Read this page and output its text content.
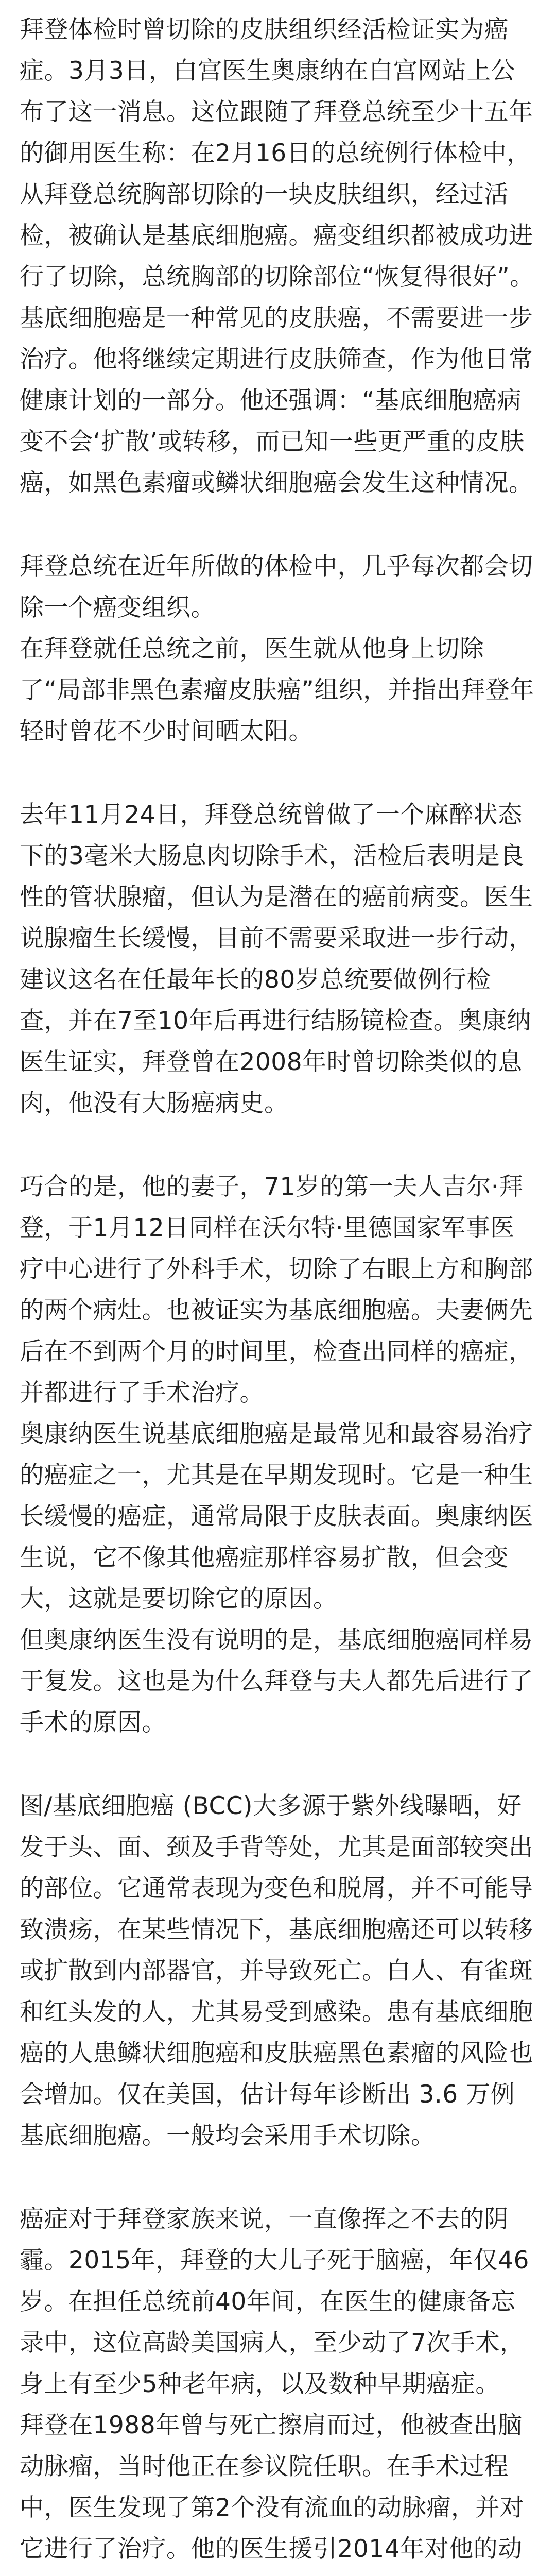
拜登体检时曾切除的皮肤组织经活检证实为癌症。3月3日，白宫医生奥康纳在白宫网站上公布了这一消息。这位跟随了拜登总统至少十五年的御用医生称：在2月16日的总统例行体检中，从拜登总统胸部切除的一块皮肤组织，经过活检，被确认是基底细胞癌。癌变组织都被成功进行了切除，总统胸部的切除部位“恢复得很好”。

基底细胞癌是一种常见的皮肤癌，不需要进一步治疗。他将继续定期进行皮肤筛查，作为他日常健康计划的一部分。他还强调：“基底细胞癌病变不会‘扩散’或转移，而已知一些更严重的皮肤癌，如黑色素瘤或鳞状细胞癌会发生这种情况。

拜登总统在近年所做的体检中，几乎每次都会切除一个癌变组织。

在拜登就任总统之前，医生就从他身上切除了“局部非黑色素瘤皮肤癌”组织，并指出拜登年轻时曾花不少时间晒太阳。

去年11月24日，拜登总统曾做了一个麻醉状态下的3毫米大肠息肉切除手术，活检后表明是良性的管状腺瘤，但认为是潜在的癌前病变。医生说腺瘤生长缓慢，目前不需要采取进一步行动，建议这名在任最年长的80岁总统要做例行检查，并在7至10年后再进行结肠镜检查。奥康纳医生证实，拜登曾在2008年时曾切除类似的息肉，他没有大肠癌病史。

巧合的是，他的妻子，71岁的第一夫人吉尔·拜登，于1月12日同样在沃尔特·里德国家军事医疗中心进行了外科手术，切除了右眼上方和胸部的两个病灶。也被证实为基底细胞癌。夫妻俩先后在不到两个月的时间里，检查出同样的癌症，并都进行了手术治疗。

奥康纳医生说基底细胞癌是最常见和最容易治疗的癌症之一，尤其是在早期发现时。它是一种生长缓慢的癌症，通常局限于皮肤表面。奥康纳医生说，它不像其他癌症那样容易扩散，但会变大，这就是要切除它的原因。

但奥康纳医生没有说明的是，基底细胞癌同样易于复发。这也是为什么拜登与夫人都先后进行了手术的原因。

图/基底细胞癌 (BCC)大多源于紫外线曝晒，好发于头、面、颈及手背等处，尤其是面部较突出的部位。它通常表现为变色和脱屑，并不可能导致溃疡，在某些情况下，基底细胞癌还可以转移或扩散到内部器官，并导致死亡。白人、有雀斑和红头发的人，尤其易受到感染。患有基底细胞癌的人患鳞状细胞癌和皮肤癌黑色素瘤的风险也会增加。仅在美国，估计每年诊断出 3.6 万例基底细胞癌。一般均会采用手术切除。

癌症对于拜登家族来说，一直像挥之不去的阴霾。2015年，拜登的大儿子死于脑癌，年仅46岁。在担任总统前40年间，在医生的健康备忘录中，这位高龄美国病人，至少动了7次手术，身上有至少5种老年病，以及数种早期癌症。

拜登在1988年曾与死亡擦肩而过，他被查出脑动脉瘤，当时他正在参议院任职。在手术过程中，医生发现了第2个没有流血的动脉瘤，并对它进行了治疗。他的医生援引2014年对他的动
